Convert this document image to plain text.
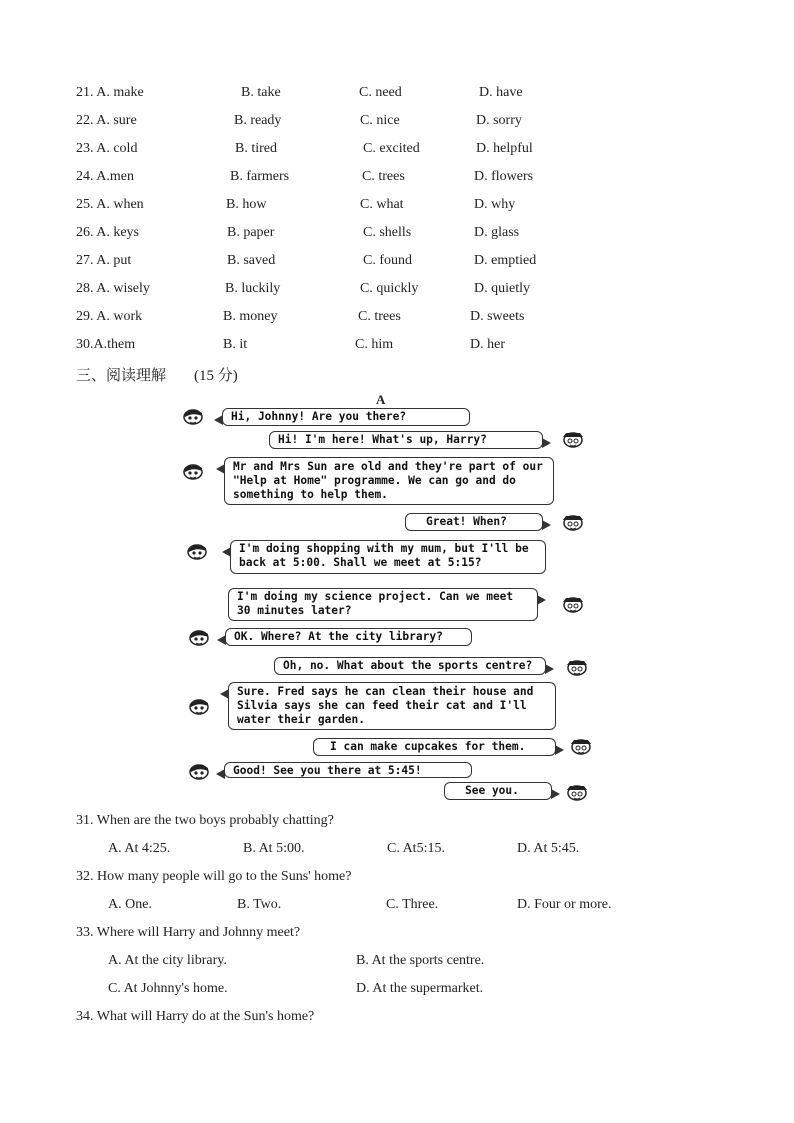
21. A. make	B. take	C. need	D. have
22. A. sure	B. ready	C. nice	D. sorry
23. A. cold	B. tired	C. excited	D. helpful
24. A.men	B. farmers	C. trees	D. flowers
25. A. when	B. how	C. what	D. why
26. A. keys	B. paper	C. shells	D. glass
27. A. put	B. saved	C. found	D. emptied
28. A. wisely	B. luckily	C. quickly	D. quietly
29. A. work	B. money	C. trees	D. sweets
30.A.them	B. it	C. him	D. her
三、阅读理解 (15 分)
A
Hi, Johnny! Are you there?
Hi! I'm here! What's up, Harry?
Mr and Mrs Sun are old and they're part of our "Help at Home" programme. We can go and do something to help them.
Great! When?
I'm doing shopping with my mum, but I'll be back at 5:00. Shall we meet at 5:15?
I'm doing my science project. Can we meet 30 minutes later?
OK. Where? At the city library?
Oh, no. What about the sports centre?
Sure. Fred says he can clean their house and Silvia says she can feed their cat and I'll water their garden.
I can make cupcakes for them.
Good! See you there at 5:45!
See you.
31. When are the two boys probably chatting?
A. At 4:25.	B. At 5:00.	C. At5:15.	D. At 5:45.
32. How many people will go to the Suns' home?
A. One.	B. Two.	C. Three.	D. Four or more.
33. Where will Harry and Johnny meet?
A. At the city library.	B. At the sports centre.
C. At Johnny's home.	D. At the supermarket.
34. What will Harry do at the Sun's home?
